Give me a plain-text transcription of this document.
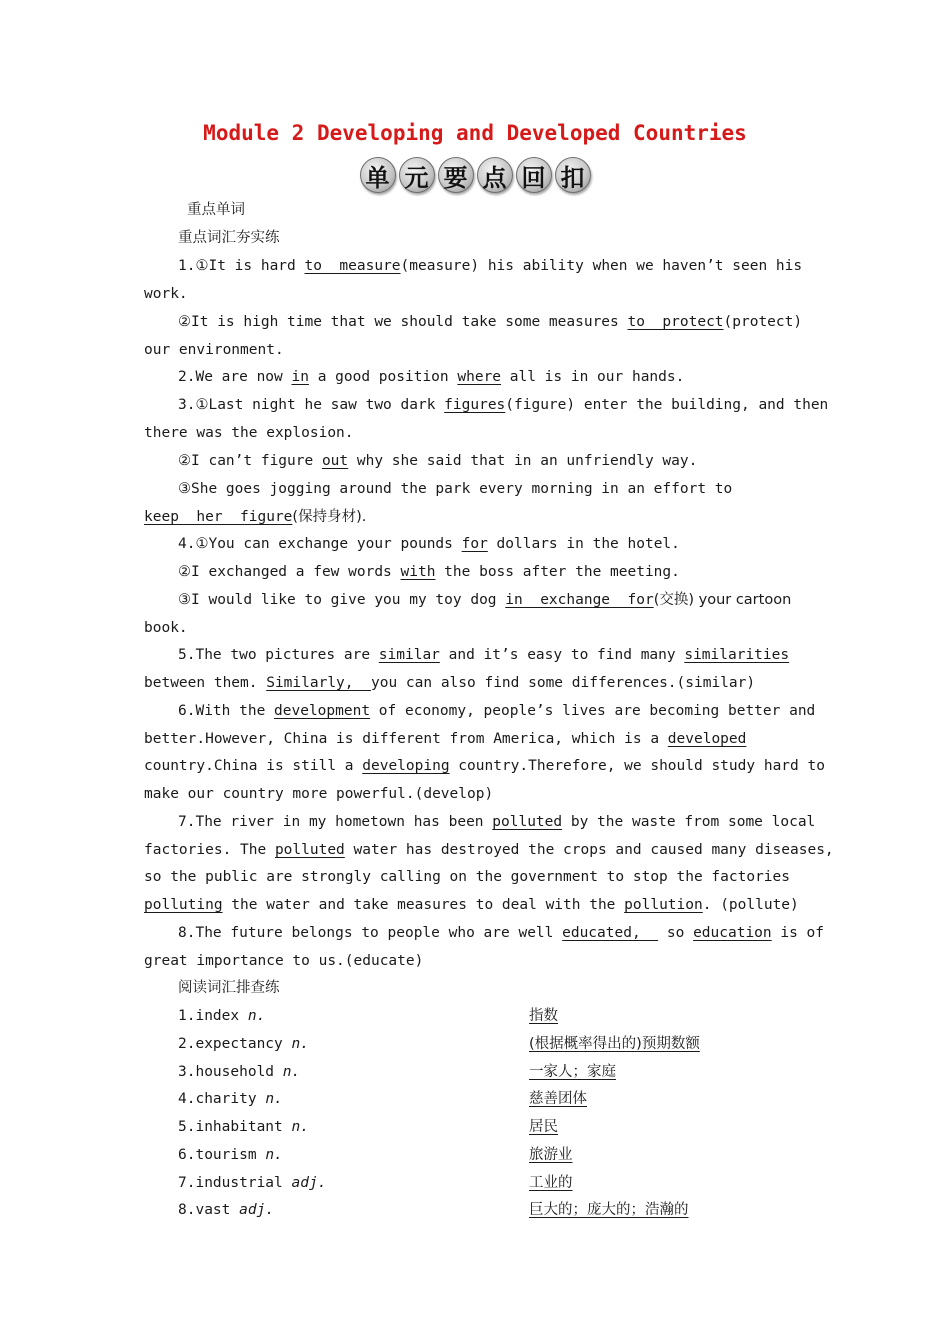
Module 2 Developing and Developed Countries
单 元 要 点 回 扣
重点单词
重点词汇夯实练
1.①It is hard to  measure(measure) his ability when we haven’t seen his
work.
②It is high time that we should take some measures to  protect(protect)
our environment.
2.We are now in a good position where all is in our hands.
3.①Last night he saw two dark figures(figure) enter the building, and then
there was the explosion.
②I can’t figure out why she said that in an unfriendly way.
③She goes jogging around the park every morning in an effort to
keep  her  figure(保持身材).
4.①You can exchange your pounds for dollars in the hotel.
②I exchanged a few words with the boss after the meeting.
③I would like to give you my toy dog in  exchange  for(交换) your cartoon
book.
5.The two pictures are similar and it’s easy to find many similarities
between them. Similarly,  you can also find some differences.(similar)
6.With the development of economy, people’s lives are becoming better and
better.However, China is different from America, which is a developed
country.China is still a developing country.Therefore, we should study hard to
make our country more powerful.(develop)
7.The river in my hometown has been polluted by the waste from some local
factories. The polluted water has destroyed the crops and caused many diseases,
so the public are strongly calling on the government to stop the factories
polluting the water and take measures to deal with the pollution. (pollute)
8.The future belongs to people who are well educated,   so education is of
great importance to us.(educate)
阅读词汇排查练
1.index n.	指数
2.expectancy n.	(根据概率得出的)预期数额
3.household n.	一家人；家庭
4.charity n.	慈善团体
5.inhabitant n.	居民
6.tourism n.	旅游业
7.industrial adj.	工业的
8.vast adj.	巨大的；庞大的；浩瀚的
